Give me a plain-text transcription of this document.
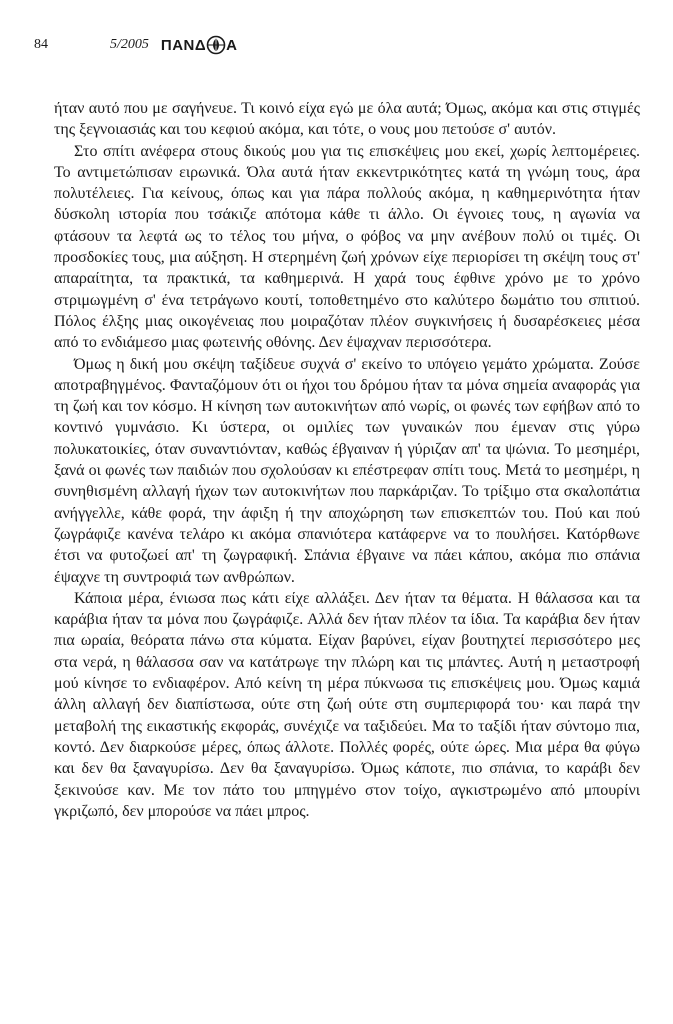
84	5/2005 ΠΑΝΔ Α

ήταν αυτό που με σαγήνευε. Τι κοινό είχα εγώ με όλα αυτά; Όμως, ακόμα και στις στιγμές της ξεγνοιασιάς και του κεφιού ακόμα, και τότε, ο νους μου πετούσε σ' αυτόν.

Στο σπίτι ανέφερα στους δικούς μου για τις επισκέψεις μου εκεί, χωρίς λεπτομέρειες. Το αντιμετώπισαν ειρωνικά. Όλα αυτά ήταν εκκεντρικότητες κατά τη γνώμη τους, άρα πολυτέλειες. Για κείνους, όπως και για πάρα πολλούς ακόμα, η καθημερινότητα ήταν δύσκολη ιστορία που τσάκιζε απότομα κάθε τι άλλο. Οι έγνοιες τους, η αγωνία να φτάσουν τα λεφτά ως το τέλος του μήνα, ο φόβος να μην ανέβουν πολύ οι τιμές. Οι προσδοκίες τους, μια αύξηση. Η στερημένη ζωή χρόνων είχε περιορίσει τη σκέψη τους στ' απαραίτητα, τα πρακτικά, τα καθημερινά. Η χαρά τους έφθινε χρόνο με το χρόνο στριμωγμένη σ' ένα τετράγωνο κουτί, τοποθετημένο στο καλύτερο δωμάτιο του σπιτιού. Πόλος έλξης μιας οικογένειας που μοιραζόταν πλέον συγκινήσεις ή δυσαρέσκειες μέσα από το ενδιάμεσο μιας φωτεινής οθόνης. Δεν έψαχναν περισσότερα.

Όμως η δική μου σκέψη ταξίδευε συχνά σ' εκείνο το υπόγειο γεμάτο χρώματα. Ζούσε αποτραβηγμένος. Φανταζόμουν ότι οι ήχοι του δρόμου ήταν τα μόνα σημεία αναφοράς για τη ζωή και τον κόσμο. Η κίνηση των αυτοκινήτων από νωρίς, οι φωνές των εφήβων από το κοντινό γυμνάσιο. Κι ύστερα, οι ομιλίες των γυναικών που έμεναν στις γύρω πολυκατοικίες, όταν συναντιόνταν, καθώς έβγαιναν ή γύριζαν απ' τα ψώνια. Το μεσημέρι, ξανά οι φωνές των παιδιών που σχολούσαν κι επέστρεφαν σπίτι τους. Μετά το μεσημέρι, η συνηθισμένη αλλαγή ήχων των αυτοκινήτων που παρκάριζαν. Το τρίξιμο στα σκαλοπάτια ανήγγελλε, κάθε φορά, την άφιξη ή την αποχώρηση των επισκεπτών του. Πού και πού ζωγράφιζε κανένα τελάρο κι ακόμα σπανιότερα κατάφερνε να το πουλήσει. Κατόρθωνε έτσι να φυτοζωεί απ' τη ζωγραφική. Σπάνια έβγαινε να πάει κάπου, ακόμα πιο σπάνια έψαχνε τη συντροφιά των ανθρώπων.

Κάποια μέρα, ένιωσα πως κάτι είχε αλλάξει. Δεν ήταν τα θέματα. Η θάλασσα και τα καράβια ήταν τα μόνα που ζωγράφιζε. Αλλά δεν ήταν πλέον τα ίδια. Τα καράβια δεν ήταν πια ωραία, θεόρατα πάνω στα κύματα. Είχαν βαρύνει, είχαν βουτηχτεί περισσότερο μες στα νερά, η θάλασσα σαν να κατάτρωγε την πλώρη και τις μπάντες. Αυτή η μεταστροφή μού κίνησε το ενδιαφέρον. Από κείνη τη μέρα πύκνωσα τις επισκέψεις μου. Όμως καμιά άλλη αλλαγή δεν διαπίστωσα, ούτε στη ζωή ούτε στη συμπεριφορά του· και παρά την μεταβολή της εικαστικής εκφοράς, συνέχιζε να ταξιδεύει. Μα το ταξίδι ήταν σύντομο πια, κοντό. Δεν διαρκούσε μέρες, όπως άλλοτε. Πολλές φορές, ούτε ώρες. Μια μέρα θα φύγω και δεν θα ξαναγυρίσω. Δεν θα ξαναγυρίσω. Όμως κάποτε, πιο σπάνια, το καράβι δεν ξεκινούσε καν. Με τον πάτο του μπηγμένο στον τοίχο, αγκιστρωμένο από μπουρίνι γκριζωπό, δεν μπορούσε να πάει μπρος.
